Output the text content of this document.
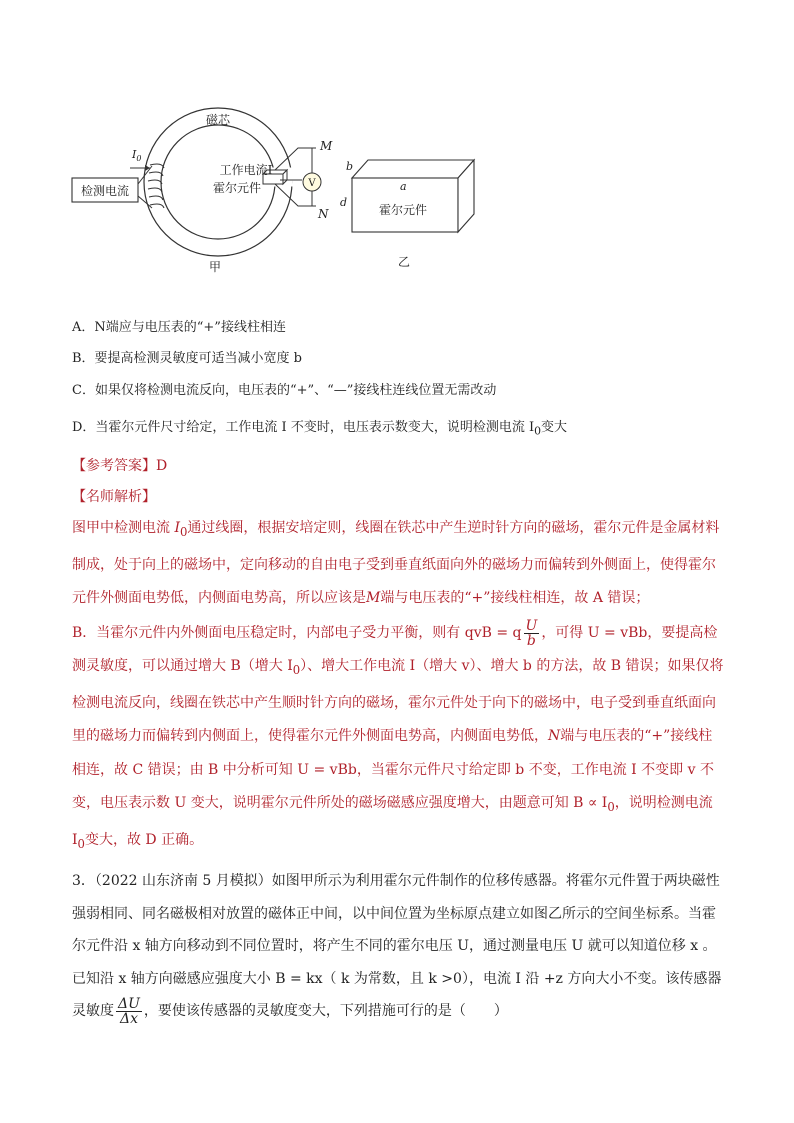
检测电流
$I_0$
磁芯
工作电流I
霍尔元件	V
M
N
甲
b
a
d
霍尔元件
乙
A．N端应与电压表的“+”接线柱相连
B．要提高检测灵敏度可适当减小宽度 b
C．如果仅将检测电流反向，电压表的“+”、“—”接线柱连线位置无需改动
D．当霍尔元件尺寸给定，工作电流 I 不变时，电压表示数变大，说明检测电流 $I_0$变大
【参考答案】D
【名师解析】
图甲中检测电流 $I_0$通过线圈，根据安培定则，线圈在铁芯中产生逆时针方向的磁场，霍尔元件是金属材料制成，处于向上的磁场中，定向移动的自由电子受到垂直纸面向外的磁场力而偏转到外侧面上，使得霍尔元件外侧面电势低，内侧面电势高，所以应该是M端与电压表的“+”接线柱相连，故 A 错误；
B．当霍尔元件内外侧面电压稳定时，内部电子受力平衡，则有 qvB = q $\frac{U}{b}$ ，可得 U = vBb，要提高检测灵敏度，可以通过增大 B（增大 $I_0$）、增大工作电流 I（增大 v）、增大 b 的方法，故 B 错误；如果仅将检测电流反向，线圈在铁芯中产生顺时针方向的磁场，霍尔元件处于向下的磁场中，电子受到垂直纸面向里的磁场力而偏转到内侧面上，使得霍尔元件外侧面电势高，内侧面电势低，N端与电压表的“+”接线柱相连，故 C 错误；由 B 中分析可知 U = vBb，当霍尔元件尺寸给定即 b 不变，工作电流 I 不变即 v 不变，电压表示数 U 变大，说明霍尔元件所处的磁场磁感应强度增大，由题意可知 $B \propto I_0$，说明检测电流 $I_0$变大，故 D 正确。
3．（2022 山东济南 5 月模拟）如图甲所示为利用霍尔元件制作的位移传感器。将霍尔元件置于两块磁性强弱相同、同名磁极相对放置的磁体正中间，以中间位置为坐标原点建立如图乙所示的空间坐标系。当霍尔元件沿 x 轴方向移动到不同位置时，将产生不同的霍尔电压 U，通过测量电压 U 就可以知道位移 x 。已知沿 x 轴方向磁感应强度大小 B = kx（ k 为常数，且 k >0），电流 I 沿 +z 方向大小不变。该传感器灵敏度 $\frac{\Delta U}{\Delta x}$ ，要使该传感器的灵敏度变大，下列措施可行的是（　　）
